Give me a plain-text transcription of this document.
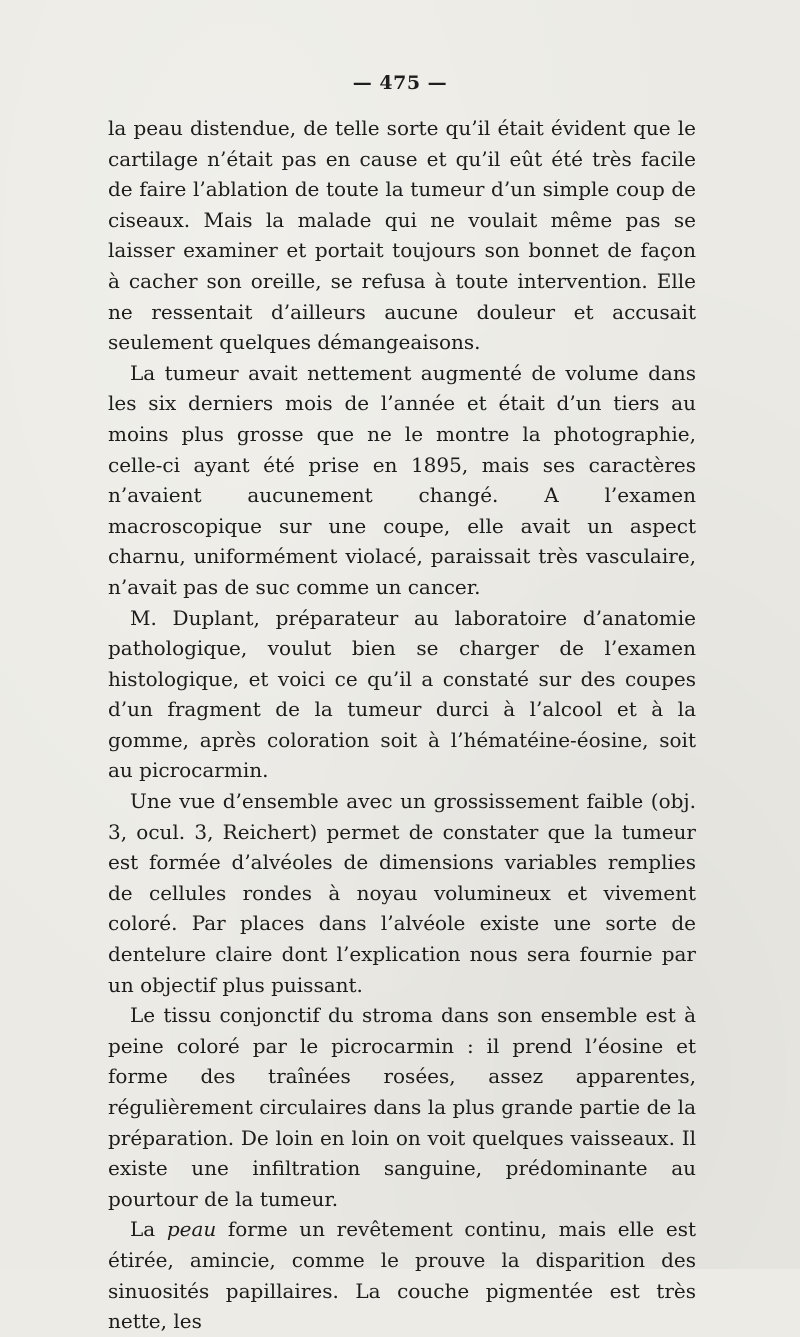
— 475 —

la peau distendue, de telle sorte qu’il était évident que le cartilage n’était pas en cause et qu’il eût été très facile de faire l’ablation de toute la tumeur d’un simple coup de ciseaux. Mais la malade qui ne voulait même pas se laisser examiner et portait toujours son bonnet de façon à cacher son oreille, se refusa à toute intervention. Elle ne ressentait d’ailleurs aucune douleur et accusait seulement quelques démangeaisons.

La tumeur avait nettement augmenté de volume dans les six derniers mois de l’année et était d’un tiers au moins plus grosse que ne le montre la photographie, celle-ci ayant été prise en 1895, mais ses caractères n’avaient aucunement changé. A l’examen macroscopique sur une coupe, elle avait un aspect charnu, uniformément violacé, paraissait très vasculaire, n’avait pas de suc comme un cancer.

M. Duplant, préparateur au laboratoire d’anatomie pathologique, voulut bien se charger de l’examen histologique, et voici ce qu’il a constaté sur des coupes d’un fragment de la tumeur durci à l’alcool et à la gomme, après coloration soit à l’hématéine-éosine, soit au picrocarmin.

Une vue d’ensemble avec un grossissement faible (obj. 3, ocul. 3, Reichert) permet de constater que la tumeur est formée d’alvéoles de dimensions variables remplies de cellules rondes à noyau volumineux et vivement coloré. Par places dans l’alvéole existe une sorte de dentelure claire dont l’explication nous sera fournie par un objectif plus puissant.

Le tissu conjonctif du stroma dans son ensemble est à peine coloré par le picrocarmin : il prend l’éosine et forme des traînées rosées, assez apparentes, régulièrement circulaires dans la plus grande partie de la préparation. De loin en loin on voit quelques vaisseaux. Il existe une infiltration sanguine, prédominante au pourtour de la tumeur.

La peau forme un revêtement continu, mais elle est étirée, amincie, comme le prouve la disparition des sinuosités papillaires. La couche pigmentée est très nette, les
